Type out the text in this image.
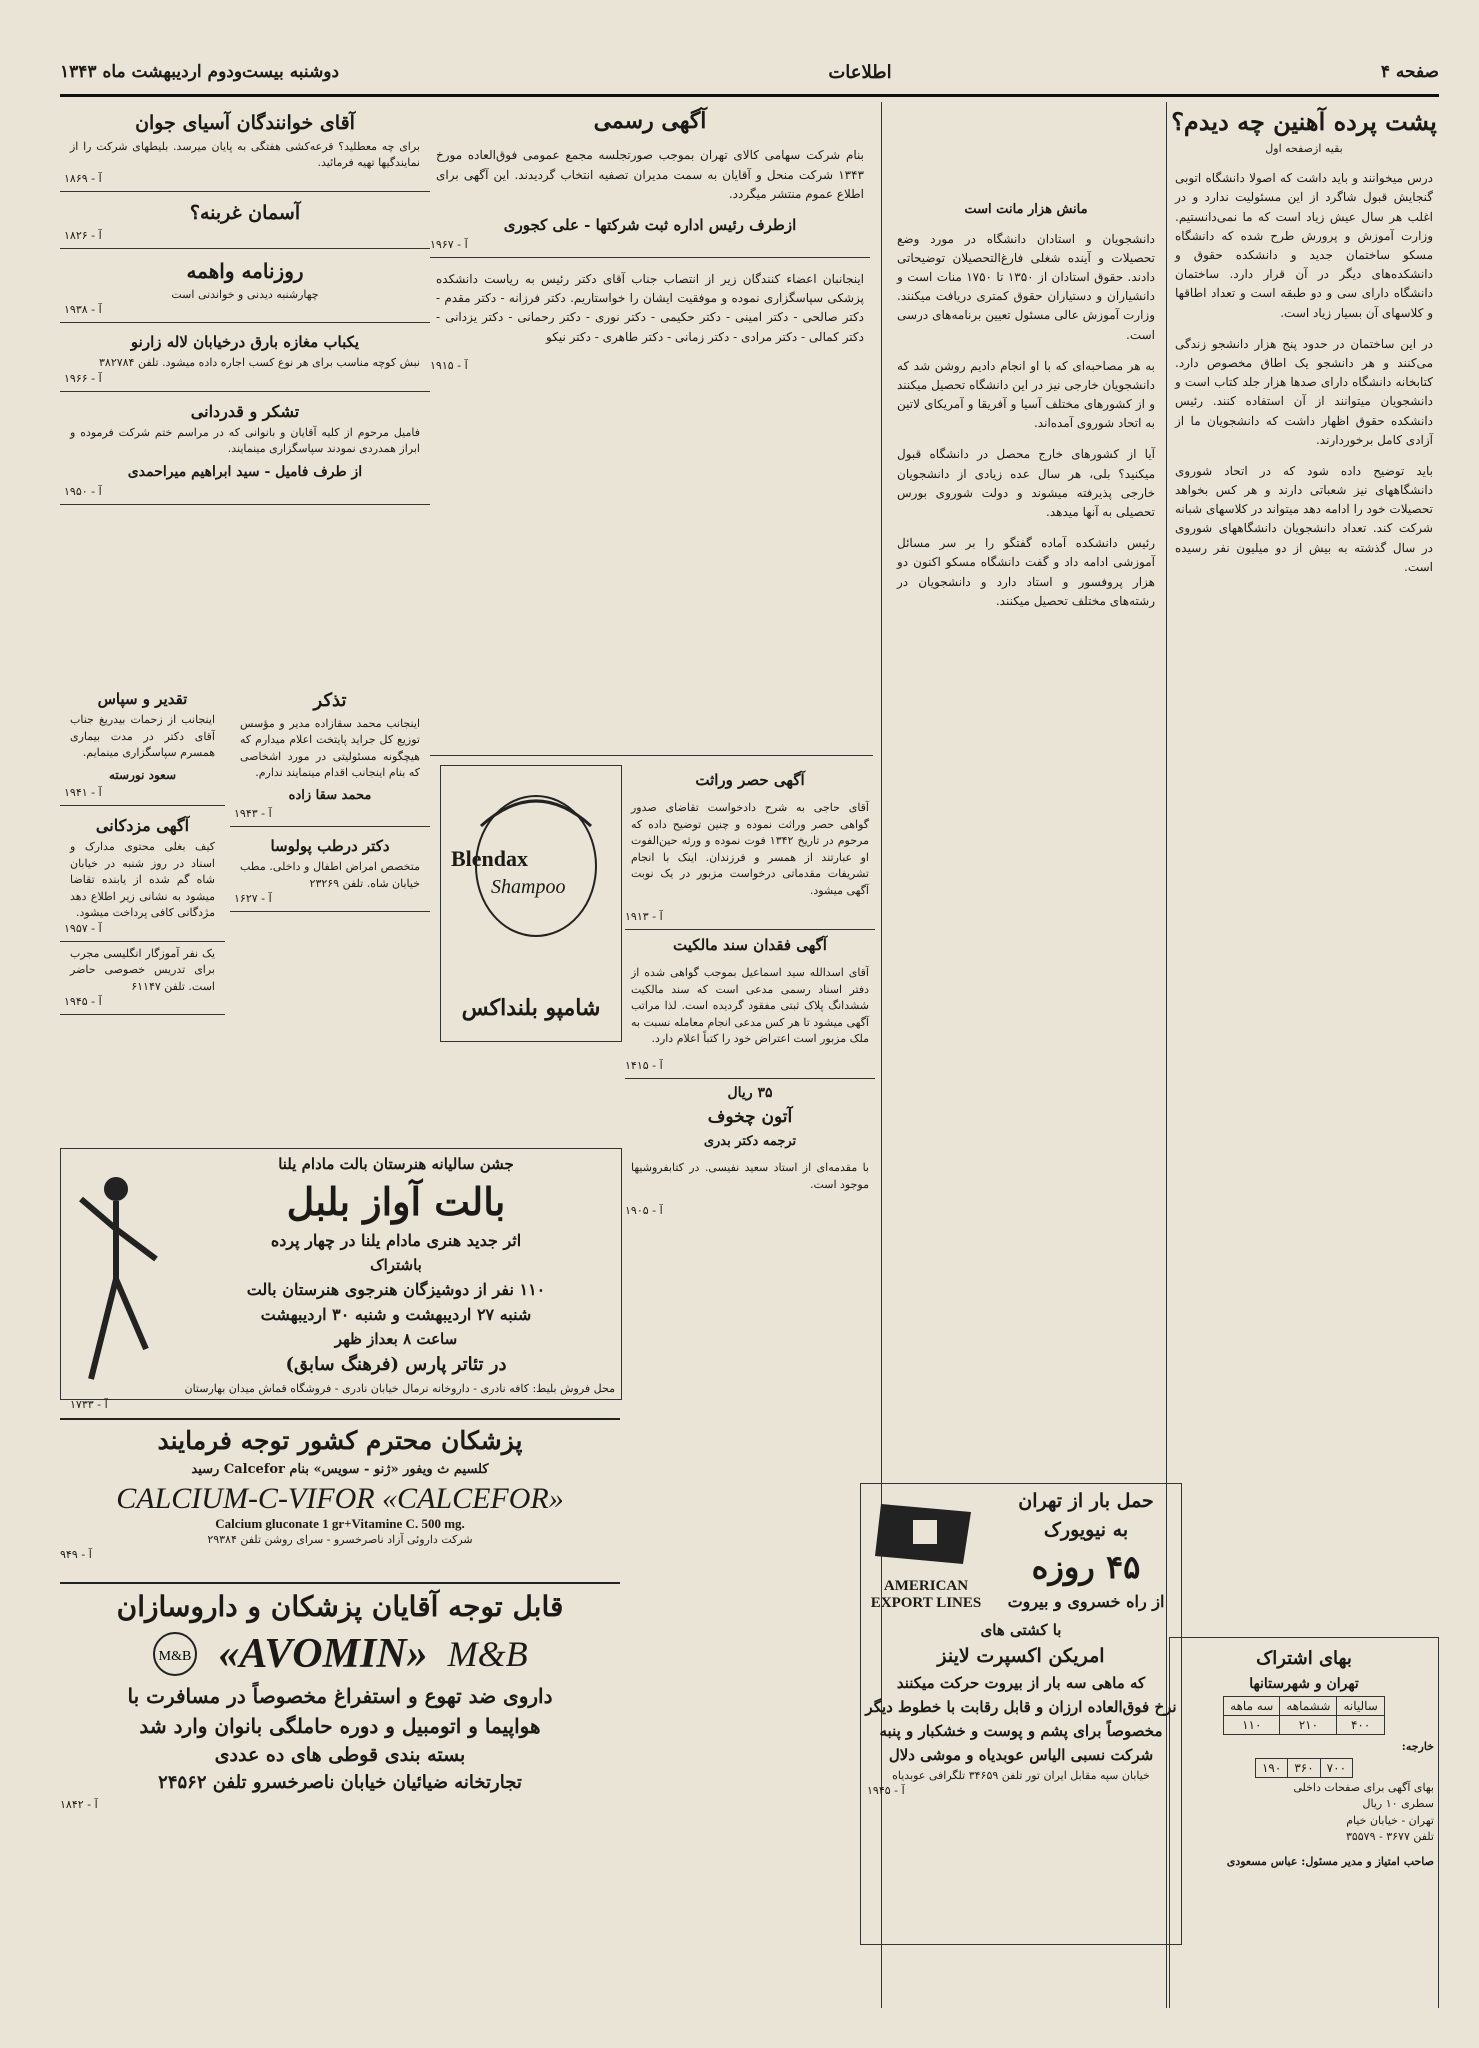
صفحه ۴
اطلاعات
دوشنبه بیست‌ودوم اردیبهشت ماه ۱۳۴۳
پشت پرده آهنین چه دیدم؟
بقیه ازصفحه اول

درس میخوانند و باید داشت که اصولا دانشگاه اتوبی گنجایش قبول شاگرد از این مسئولیت ندارد و در اغلب هر سال عیش زیاد است که ما نمی‌دانستیم. وزارت آموزش و پرورش طرح شده که دانشگاه مسکو ساختمان جدید و دانشکده حقوق و دانشکده‌های دیگر در آن قرار دارد. ساختمان دانشگاه دارای سی و دو طبقه است و تعداد اطاقها و کلاسهای آن بسیار زیاد است.

در این ساختمان در حدود پنج هزار دانشجو زندگی می‌کنند و هر دانشجو یک اطاق مخصوص دارد. کتابخانه دانشگاه دارای صدها هزار جلد کتاب است و دانشجویان میتوانند از آن استفاده کنند. رئیس دانشکده حقوق اظهار داشت که دانشجویان ما از آزادی کامل برخوردارند.

باید توضیح داده شود که در اتحاد شوروی دانشگاههای نیز شعباتی دارند و هر کس بخواهد تحصیلات خود را ادامه دهد میتواند در کلاسهای شبانه شرکت کند. تعداد دانشجویان دانشگاههای شوروی در سال گذشته به بیش از دو میلیون نفر رسیده است.

بهای اشتراک
تهران و شهرستانها
سالیانه	ششماهه	سه ماهه
۴۰۰	۲۱۰	۱۱۰
خارجه:
۷۰۰	۳۶۰	۱۹۰
بهای آگهی برای صفحات داخلی
سطری ۱۰ ریال
تهران - خیابان خیام
تلفن ۳۶۷۷ - ۳۵۵۷۹
صاحب امتیاز و مدیر مسئول: عباس مسعودی
مانش هزار مانت است

دانشجویان و استادان دانشگاه در مورد وضع تحصیلات و آینده شغلی فارغ‌التحصیلان توضیحاتی دادند. حقوق استادان از ۱۳۵۰ تا ۱۷۵۰ منات است و دانشیاران و دستیاران حقوق کمتری دریافت میکنند. وزارت آموزش عالی مسئول تعیین برنامه‌های درسی است.

به هر مصاحبه‌ای که با او انجام دادیم روشن شد که دانشجویان خارجی نیز در این دانشگاه تحصیل میکنند و از کشورهای مختلف آسیا و آفریقا و آمریکای لاتین به اتحاد شوروی آمده‌اند.

آیا از کشورهای خارج محصل در دانشگاه قبول میکنید؟ بلی، هر سال عده زیادی از دانشجویان خارجی پذیرفته میشوند و دولت شوروی بورس تحصیلی به آنها میدهد.

رئیس دانشکده آماده گفتگو را بر سر مسائل آموزشی ادامه داد و گفت دانشگاه مسکو اکنون دو هزار پروفسور و استاد دارد و دانشجویان در رشته‌های مختلف تحصیل میکنند.

آگهی رسمی

بنام شرکت سهامی کالای تهران بموجب صورتجلسه مجمع عمومی فوق‌العاده مورخ ۱۳۴۳ شرکت منحل و آقایان به سمت مدیران تصفیه انتخاب گردیدند. این آگهی برای اطلاع عموم منتشر میگردد.

ازطرف رئیس اداره ثبت شرکتها - علی کجوری
آ - ۱۹۶۷

اینجانبان اعضاء کنندگان زیر از انتصاب جناب آقای دکتر رئیس به ریاست دانشکده پزشکی سپاسگزاری نموده و موفقیت ایشان را خواستاریم. دکتر فرزانه - دکتر مقدم - دکتر صالحی - دکتر امینی - دکتر حکیمی - دکتر نوری - دکتر رحمانی - دکتر یزدانی - دکتر کمالی - دکتر مرادی - دکتر زمانی - دکتر طاهری - دکتر نیکو

آ - ۱۹۱۵
Blendax
Shampoo
شامپو بلنداکس
آگهی حصر وراثت

آقای حاجی به شرح دادخواست تقاضای صدور گواهی حصر وراثت نموده و چنین توضیح داده که مرحوم در تاریخ ۱۳۴۲ فوت نموده و ورثه حین‌الفوت او عبارتند از همسر و فرزندان. اینک با انجام تشریفات مقدماتی درخواست مزبور در یک نوبت آگهی میشود.

آ - ۱۹۱۳
آگهی فقدان سند مالکیت

آقای اسدالله سید اسماعیل بموجب گواهی شده از دفتر اسناد رسمی مدعی است که سند مالکیت ششدانگ پلاک ثبتی مفقود گردیده است. لذا مراتب آگهی میشود تا هر کس مدعی انجام معامله نسبت به ملک مزبور است اعتراض خود را کتباً اعلام دارد.

آ - ۱۴۱۵
۳۵ ریال
آتون چخوف
ترجمه دکتر بدری

با مقدمه‌ای از استاد سعید نفیسی. در کتابفروشیها موجود است.

آ - ۱۹۰۵
آقای خوانندگان آسیای جوان
برای چه معطلید؟ قرعه‌کشی هفتگی به پایان میرسد. بلیطهای شرکت را از نمایندگیها تهیه فرمائید.
آ - ۱۸۶۹
آسمان غربنه؟
آ - ۱۸۲۶
روزنامه واهمه
چهارشنبه دیدنی و خواندنی است
آ - ۱۹۳۸
یکباب مغازه بارق درخیابان لاله زارنو
نبش کوچه مناسب برای هر نوع کسب اجاره داده میشود. تلفن ۳۸۲۷۸۴
آ - ۱۹۶۶
تشکر و قدردانی
فامیل مرحوم از کلیه آقایان و بانوانی که در مراسم ختم شرکت فرموده و ابراز همدردی نمودند سپاسگزاری مینمایند.
از طرف فامیل - سید ابراهیم میراحمدی
آ - ۱۹۵۰
تقدیر و سپاس
اینجانب از زحمات بیدریغ جناب آقای دکتر در مدت بیماری همسرم سپاسگزاری مینمایم.
سعود نورسته
آ - ۱۹۴۱
آگهی مزدکانی
کیف بغلی محتوی مدارک و اسناد در روز شنبه در خیابان شاه گم شده از یابنده تقاضا میشود به نشانی زیر اطلاع دهد مژدگانی کافی پرداخت میشود.
آ - ۱۹۵۷
یک نفر آموزگار انگلیسی مجرب برای تدریس خصوصی حاضر است. تلفن ۶۱۱۴۷
آ - ۱۹۴۵
تذکر
اینجانب محمد سقازاده مدیر و مؤسس توزیع کل جراید پایتخت اعلام میدارم که هیچگونه مسئولیتی در مورد اشخاصی که بنام اینجانب اقدام مینمایند ندارم.
محمد سقا زاده
آ - ۱۹۴۳
دکتر درطب پولوسا
متخصص امراض اطفال و داخلی. مطب خیابان شاه. تلفن ۲۳۲۶۹
آ - ۱۶۲۷
جشن سالیانه هنرستان بالت مادام یلنا
بالت آواز بلبل
اثر جدید هنری مادام یلنا در چهار پرده
باشتراک
۱۱۰ نفر از دوشیزگان هنرجوی هنرستان بالت
شنبه ۲۷ اردیبهشت و شنبه ۳۰ اردیبهشت
ساعت ۸ بعداز ظهر
در تئاتر پارس (فرهنگ سابق)
محل فروش بلیط: کافه نادری - داروخانه نرمال خیابان نادری - فروشگاه قماش میدان بهارستان
آ - ۱۷۳۳
پزشکان محترم کشور توجه فرمایند
کلسیم ث ویفور «ژنو - سویس» بنام Calcefor رسید
CALCIUM-C-VIFOR «CALCEFOR»
Calcium gluconate 1 gr+Vitamine C. 500 mg.
شرکت داروئی آزاد ناصرخسرو - سرای روشن تلفن ۲۹۳۸۴
آ - ۹۴۹
قابل توجه آقایان پزشکان و داروسازان
M&B «AVOMIN» M&B
داروی ضد تهوع و استفراغ مخصوصاً در مسافرت با
هواپیما و اتومبیل و دوره حاملگی بانوان وارد شد
بسته بندی قوطی های ده عددی
تجارتخانه ضیائیان خیابان ناصرخسرو تلفن ۲۴۵۶۲
آ - ۱۸۴۲
AMERICAN EXPORT LINES
حمل بار از تهران
به نیویورک
۴۵ روزه
از راه خسروی و بیروت
با کشتی های
امریکن اکسپرت لاینز
که ماهی سه بار از بیروت حرکت میکنند
نرخ فوق‌العاده ارزان و قابل رقابت با خطوط دیگر
مخصوصاً برای پشم و پوست و خشکبار و پنبه
شرکت نسبی الیاس عوبدیاه و موشی دلال
خیابان سپه مقابل ایران تور تلفن ۳۴۶۵۹ تلگرافی عوبدیاه
آ - ۱۹۴۵
